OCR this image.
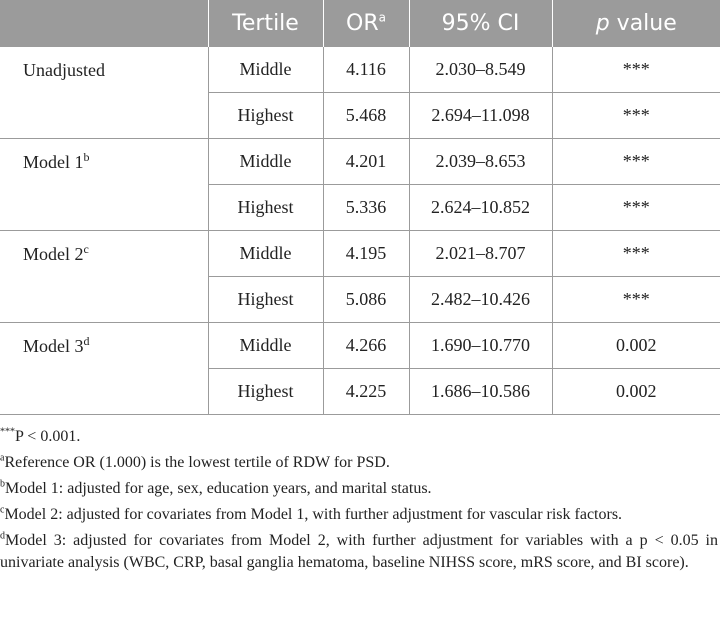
	Tertile	$OR^a$	95% CI	p value
Unadjusted	Middle	4.116	2.030–8.549	***
	Highest	5.468	2.694–11.098	***
Model 1$^b$	Middle	4.201	2.039–8.653	***
	Highest	5.336	2.624–10.852	***
Model 2$^c$	Middle	4.195	2.021–8.707	***
	Highest	5.086	2.482–10.426	***
Model 3$^d$	Middle	4.266	1.690–10.770	0.002
	Highest	4.225	1.686–10.586	0.002

***P < 0.001.

$^a$Reference OR (1.000) is the lowest tertile of RDW for PSD.

$^b$Model 1: adjusted for age, sex, education years, and marital status.

$^c$Model 2: adjusted for covariates from Model 1, with further adjustment for vascular risk factors.

$^d$Model 3: adjusted for covariates from Model 2, with further adjustment for variables with a p < 0.05 in univariate analysis (WBC, CRP, basal ganglia hematoma, baseline NIHSS score, mRS score, and BI score).
